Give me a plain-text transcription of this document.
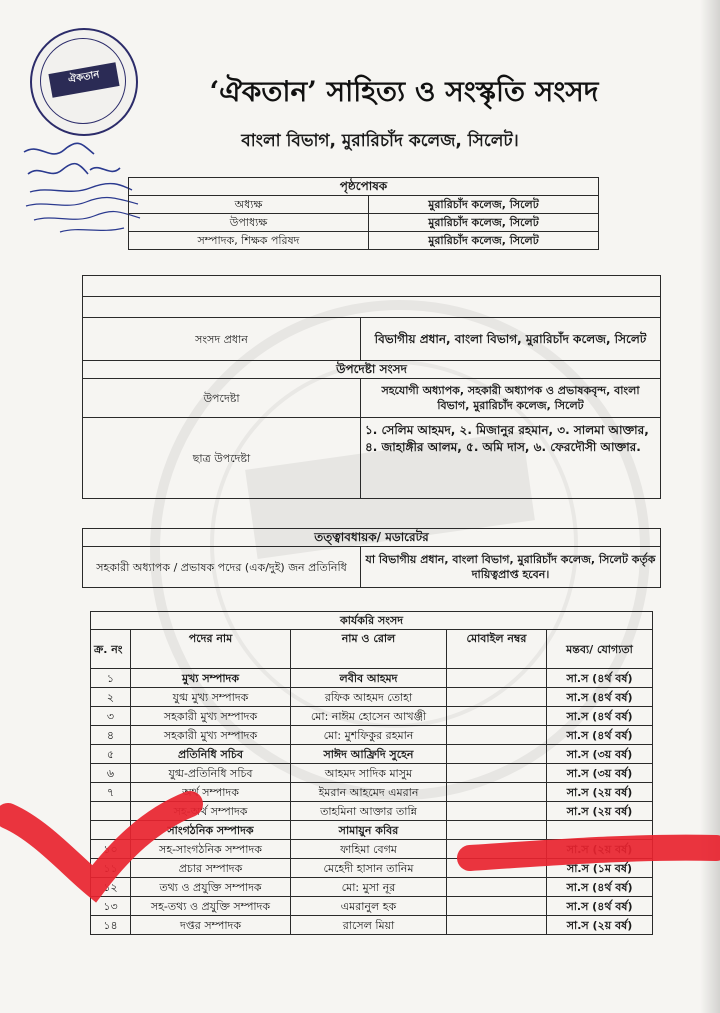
ঐকতান	‘ঐকতান’ সাহিত্য ও সংস্কৃতি সংসদ
বাংলা বিভাগ, মুরারিচাঁদ কলেজ, সিলেট।
পৃষ্ঠপোষক	
অধ্যক্ষ	মুরারিচাঁদ কলেজ, সিলেট
উপাধ্যক্ষ	মুরারিচাঁদ কলেজ, সিলেট
সম্পাদক, শিক্ষক পরিষদ	মুরারিচাঁদ কলেজ, সিলেট

সংসদ প্রধান	বিভাগীয় প্রধান, বাংলা বিভাগ, মুরারিচাঁদ কলেজ, সিলেট
উপদেষ্টা সংসদ	
উপদেষ্টা	সহযোগী অধ্যাপক, সহকারী অধ্যাপক ও প্রভাষকবৃন্দ, বাংলা বিভাগ, মুরারিচাঁদ কলেজ, সিলেট
ছাত্র উপদেষ্টা	১. সেলিম আহমদ, ২. মিজানুর রহমান, ৩. সালমা আক্তার, ৪. জাহাঙ্গীর আলম, ৫. অমি দাস, ৬. ফেরদৌসী আক্তার.
তত্ত্বাবধায়ক/ মডারেটর
সহকারী অধ্যাপক / প্রভাষক পদের (এক/দুই) জন প্রতিনিধি	যা বিভাগীয় প্রধান, বাংলা বিভাগ, মুরারিচাঁদ কলেজ, সিলেট কর্তৃক দায়িত্বপ্রাপ্ত হবেন।
কার্যকরি সংসদ				
ক্র. নং	পদের নাম	নাম ও রোল	মোবাইল নম্বর	মন্তব্য/ যোগ্যতা
১	মুখ্য সম্পাদক	লবীব আহমদ		সা.স (৪র্থ বর্ষ)
২	যুগ্ম মুখ্য সম্পাদক	রফিক আহমদ তোহা		সা.স (৪র্থ বর্ষ)
৩	সহকারী মুখ্য সম্পাদক	মো: নাঈম হোসেন আখঞ্জী		সা.স (৪র্থ বর্ষ)
৪	সহকারী মুখ্য সম্পাদক	মো: মুশফিকুর রহমান		সা.স (৪র্থ বর্ষ)
৫	প্রতিনিধি সচিব	সাঈদ আফ্রিদি সুহেন		সা.স (৩য় বর্ষ)
৬	যুগ্ম-প্রতিনিধি সচিব	আহমদ সাদিক মাসুম		সা.স (৩য় বর্ষ)
৭	অর্থ সম্পাদক	ইমরান আহমেদ এমরান		সা.স (২য় বর্ষ)
	সহ-অর্থ সম্পাদক	তাহমিনা আক্তার তান্নি		সা.স (২য় বর্ষ)
	সাংগঠনিক সম্পাদক	সামায়ুন কবির		
১০	সহ-সাংগঠনিক সম্পাদক	ফাহিমা বেগম		সা.স (২য় বর্ষ)
১১	প্রচার সম্পাদক	মেহেদী হাসান তানিম		সা.স (১ম বর্ষ)
১২	তথ্য ও প্রযুক্তি সম্পাদক	মো: মুসা নূর		সা.স (৪র্থ বর্ষ)
১৩	সহ-তথ্য ও প্রযুক্তি সম্পাদক	এমরানুল হক		সা.স (৪র্থ বর্ষ)
১৪	দপ্তর সম্পাদক	রাসেল মিয়া		সা.স (২য় বর্ষ)
